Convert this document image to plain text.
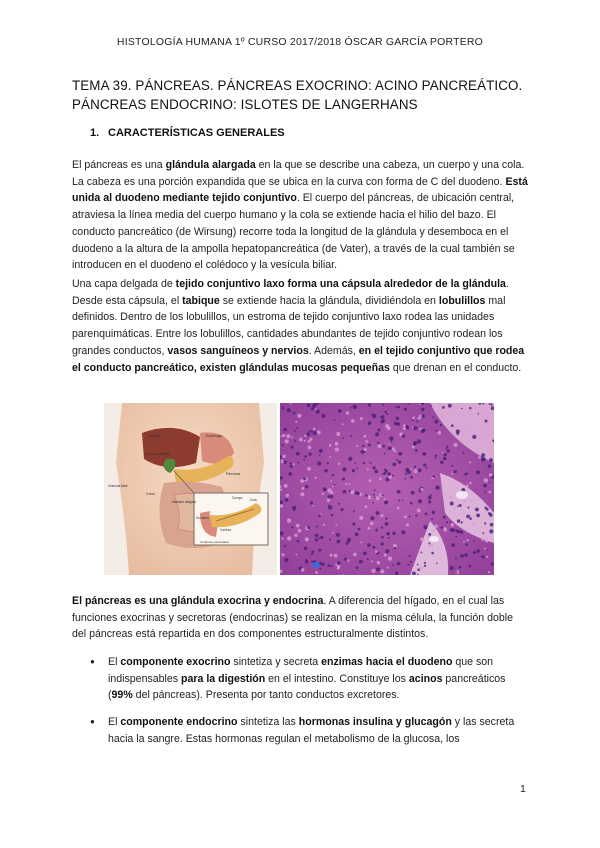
HISTOLOGÍA HUMANA 1º CURSO 2017/2018 ÓSCAR GARCÍA PORTERO
TEMA 39. PÁNCREAS. PÁNCREAS EXOCRINO: ACINO PANCREÁTICO.
PÁNCREAS ENDOCRINO: ISLOTES DE LANGERHANS
1. CARACTERÍSTICAS GENERALES

El páncreas es una glándula alargada en la que se describe una cabeza, un cuerpo y una cola. La cabeza es una porción expandida que se ubica en la curva con forma de C del duodeno. Está unida al duodeno mediante tejido conjuntivo. El cuerpo del páncreas, de ubicación central, atraviesa la línea media del cuerpo humano y la cola se extiende hacia el hilio del bazo. El conducto pancreático (de Wirsung) recorre toda la longitud de la glándula y desemboca en el duodeno a la altura de la ampolla hepatopancreática (de Vater), a través de la cual también se introducen en el duodeno el colédoco y la vesícula biliar.

Una capa delgada de tejido conjuntivo laxo forma una cápsula alrededor de la glándula. Desde esta cápsula, el tabique se extiende hacia la glándula, dividiéndola en lobulillos mal definidos. Dentro de los lobulillos, un estroma de tejido conjuntivo laxo rodea las unidades parenquimáticas. Entre los lobulillos, cantidades abundantes de tejido conjuntivo rodean los grandes conductos, vasos sanguíneos y nervios. Además, en el tejido conjuntivo que rodea el conducto pancreático, existen glándulas mucosas pequeñas que drenan en el conducto.

Hígado	Estómago
Conductos biliares
Vesícula biliar
Páncreas
Colon
Intestino delgado
Duodeno
Conducto pancreático
Cuerpo Cola
Cabeza

El páncreas es una glándula exocrina y endocrina. A diferencia del hígado, en el cual las funciones exocrinas y secretoras (endocrinas) se realizan en la misma célula, la función doble del páncreas está repartida en dos componentes estructuralmente distintos.

● El componente exocrino sintetiza y secreta enzimas hacia el duodeno que son indispensables para la digestión en el intestino. Constituye los acinos pancreáticos (99% del páncreas). Presenta por tanto conductos excretores.
● El componente endocrino sintetiza las hormonas insulina y glucagón y las secreta hacia la sangre. Estas hormonas regulan el metabolismo de la glucosa, los
1
